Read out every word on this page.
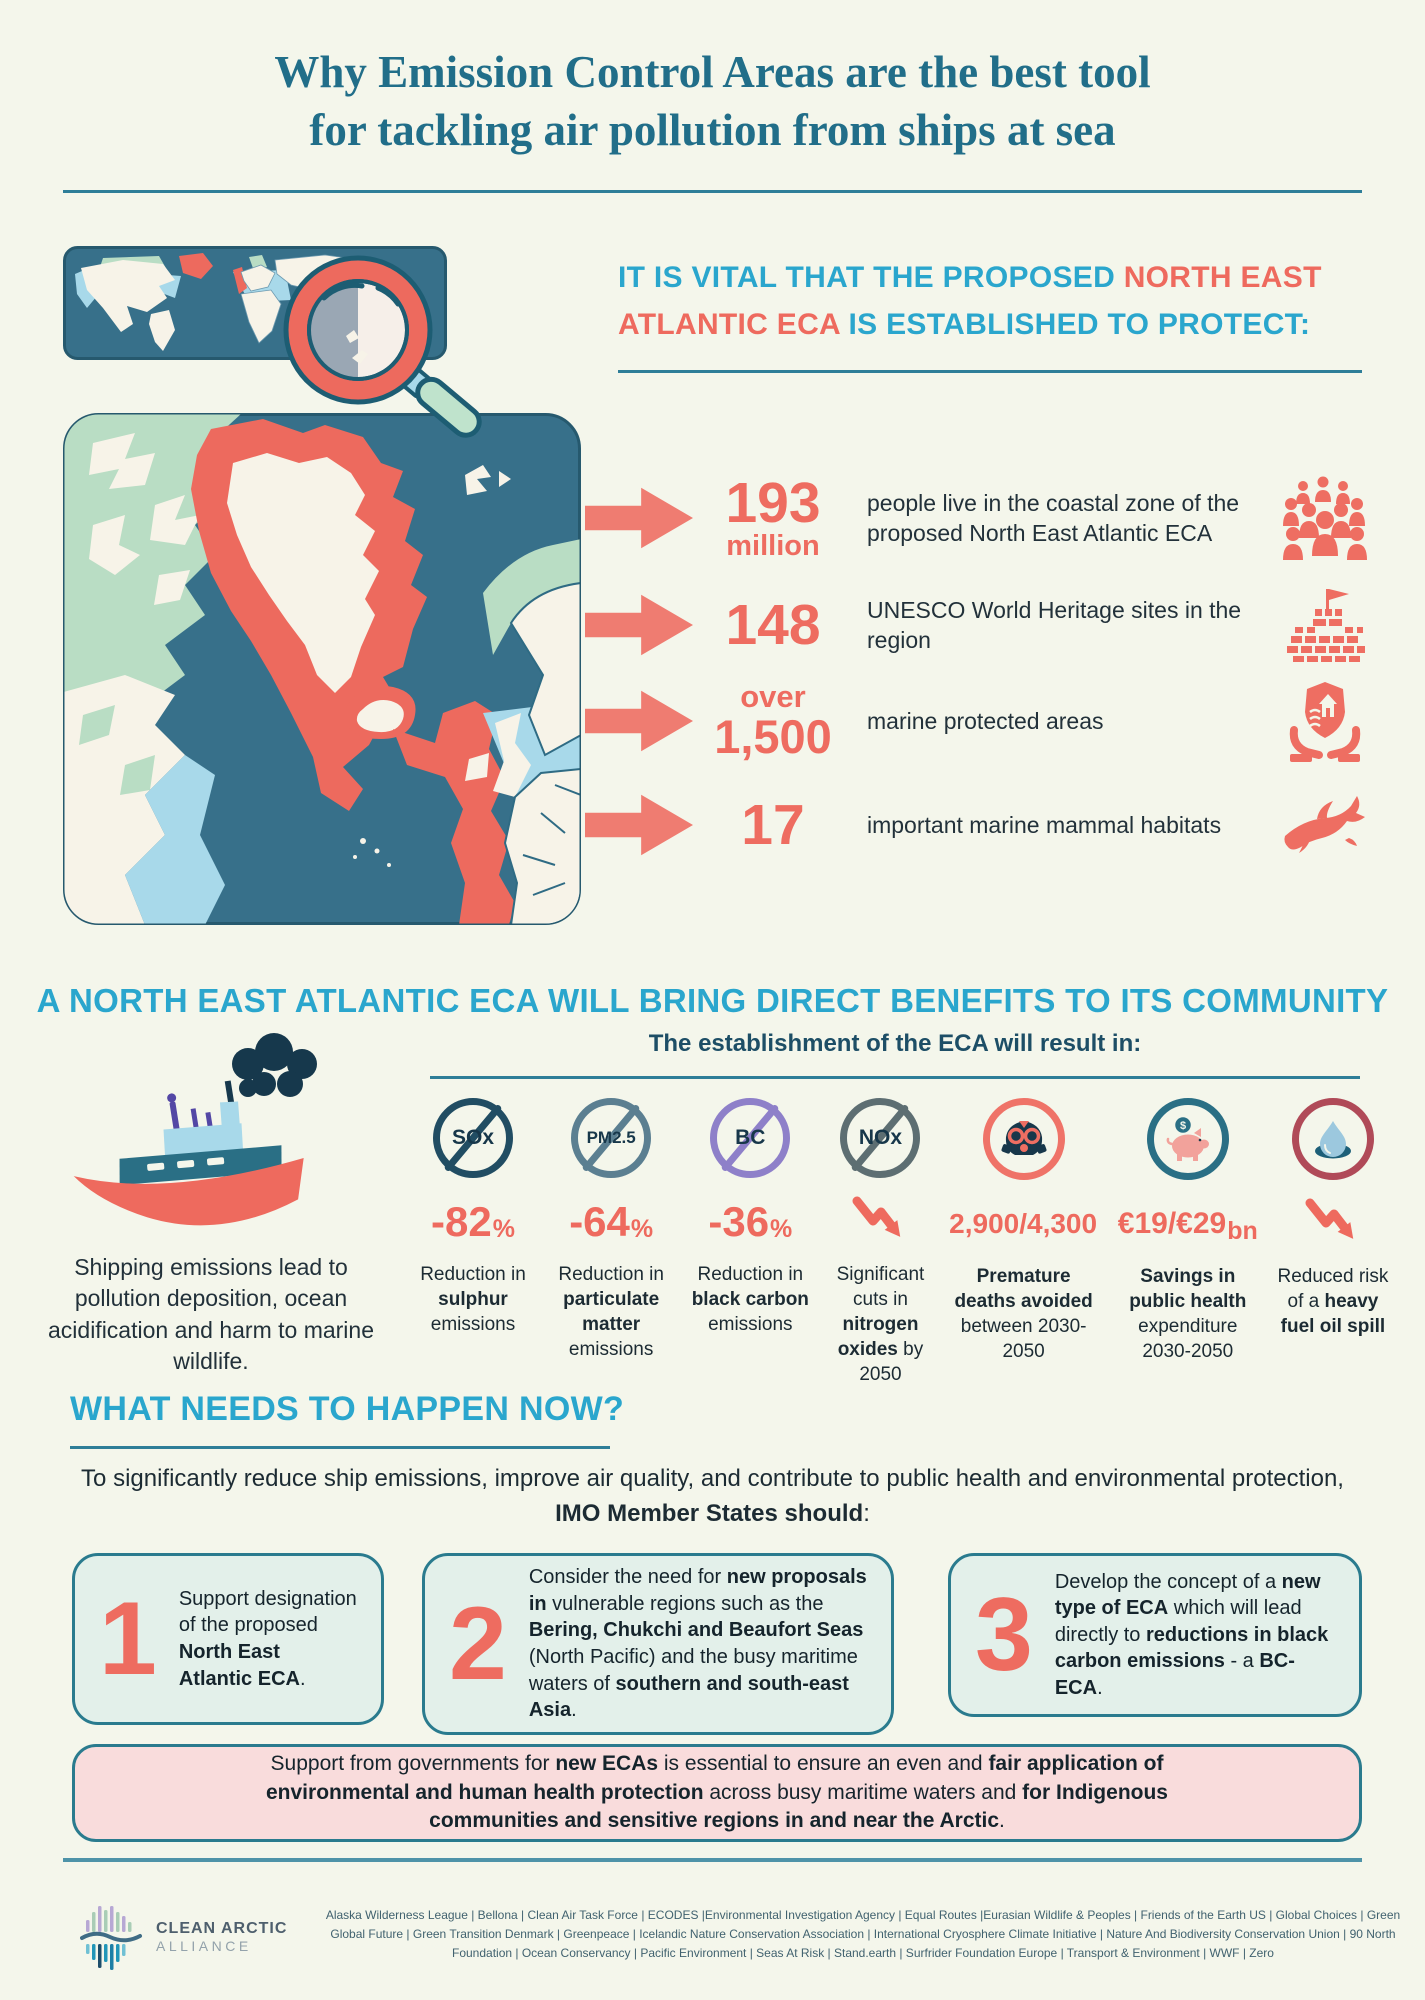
Why Emission Control Areas are the best tool
for tackling air pollution from ships at sea
IT IS VITAL THAT THE PROPOSED NORTH EAST
ATLANTIC ECA IS ESTABLISHED TO PROTECT:
193
million
people live in the coastal zone of the proposed North East Atlantic ECA
148	UNESCO World Heritage sites in the region
over
1,500	marine protected areas
17	important marine mammal habitats
A NORTH EAST ATLANTIC ECA WILL BRING DIRECT BENEFITS TO ITS COMMUNITY
Shipping emissions lead to pollution deposition, ocean acidification and harm to marine wildlife.
The establishment of the ECA will result in:
SOx
-82 %
Reduction in sulphur emissions
PM2.5
-64 %
Reduction in particulate matter emissions
BC
-36 %
Reduction in black carbon emissions
NOx
Significant cuts in nitrogen oxides by 2050
2,900/4,300
Premature deaths avoided between 2030-2050
$
€19/€29 bn
Savings in public health expenditure 2030-2050
Reduced risk of a heavy fuel oil spill
WHAT NEEDS TO HAPPEN NOW?
To significantly reduce ship emissions, improve air quality, and contribute to public health and environmental protection,
IMO Member States should:
1 Support designation of the proposed North East Atlantic ECA.	2
Consider the need for new proposals in vulnerable regions such as the Bering, Chukchi and Beaufort Seas (North Pacific) and the busy maritime waters of southern and south-east Asia.
3 Develop the concept of a new type of ECA which will lead directly to reductions in black carbon emissions - a BC-ECA.
Support from governments for new ECAs is essential to ensure an even and fair application of environmental and human health protection across busy maritime waters and for Indigenous communities and sensitive regions in and near the Arctic.
CLEAN ARCTIC
ALLIANCE
Alaska Wilderness League | Bellona | Clean Air Task Force | ECODES |Environmental Investigation Agency | Equal Routes |Eurasian Wildlife & Peoples | Friends of the Earth US | Global Choices | Green Global Future | Green Transition Denmark | Greenpeace | Icelandic Nature Conservation Association | International Cryosphere Climate Initiative | Nature And Biodiversity Conservation Union | 90 North Foundation | Ocean Conservancy | Pacific Environment | Seas At Risk | Stand.earth | Surfrider Foundation Europe | Transport & Environment | WWF | Zero
